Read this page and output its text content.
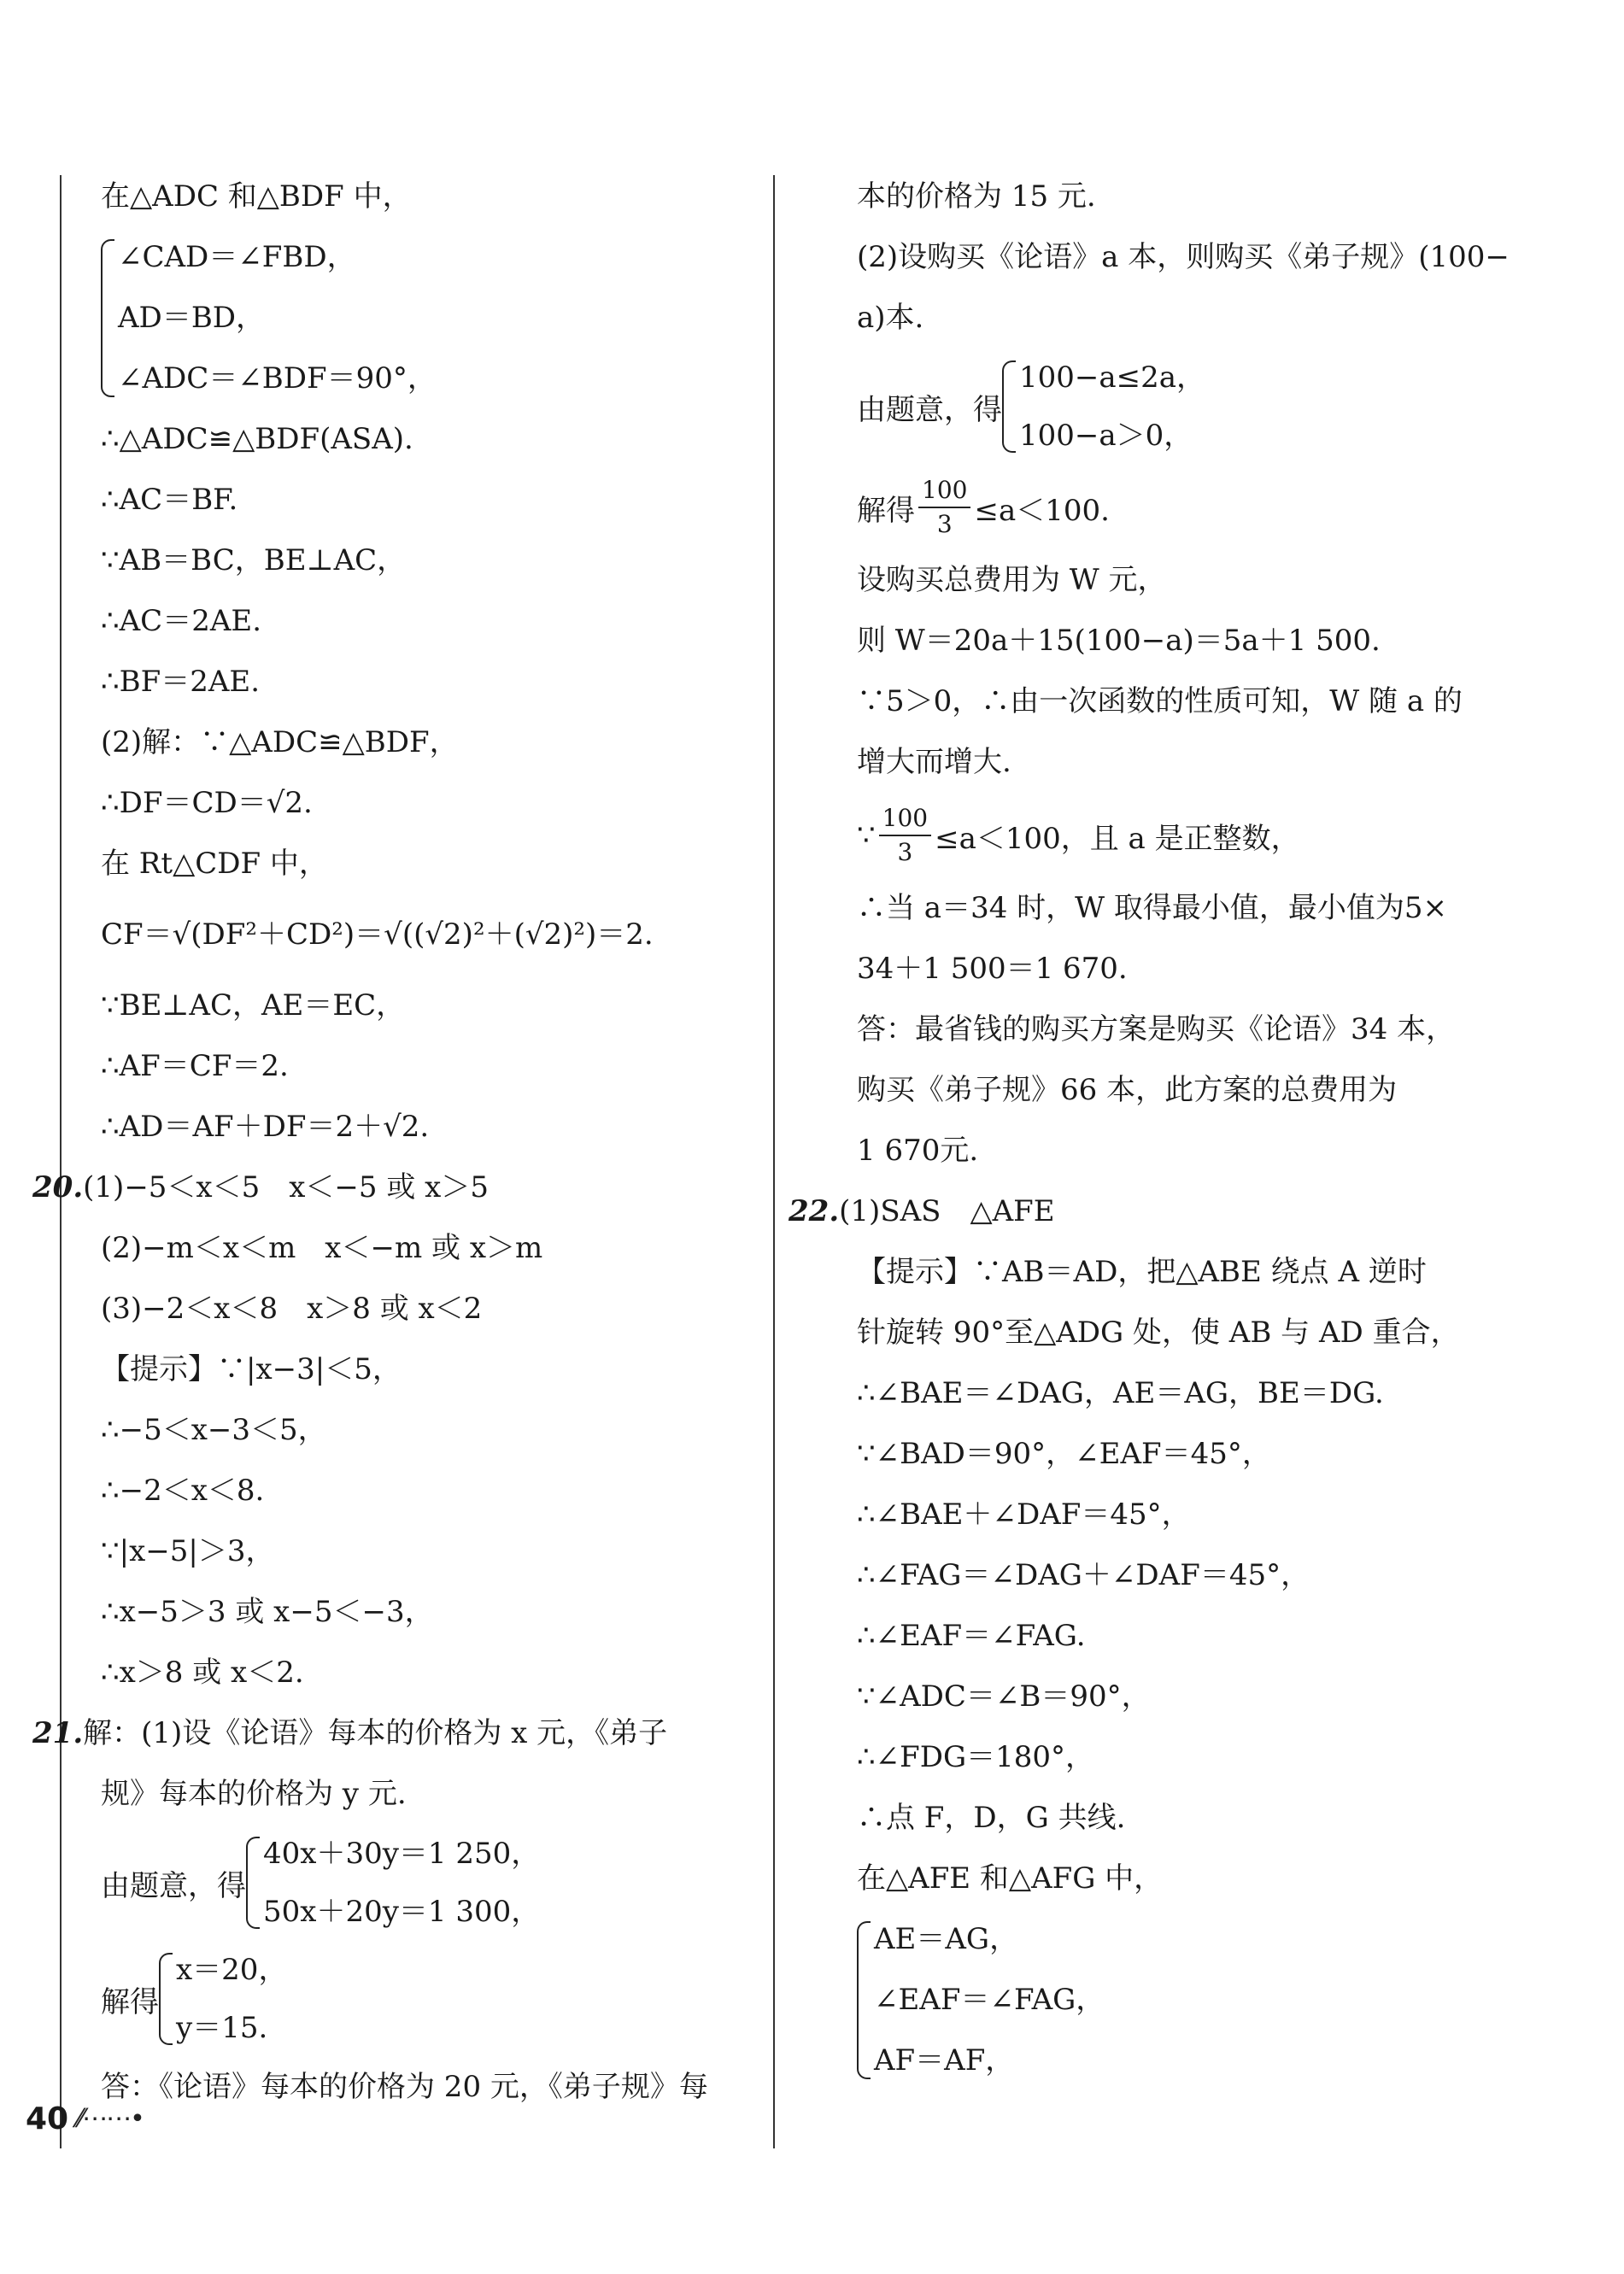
在△ADC 和△BDF 中，
∠CAD＝∠FBD，
AD＝BD，
∠ADC＝∠BDF＝90°，
∴△ADC≌△BDF(ASA).
∴AC＝BF.
∵AB＝BC，BE⊥AC，
∴AC＝2AE.
∴BF＝2AE.
(2)解：∵△ADC≌△BDF，
∴DF＝CD＝√2.
在 Rt△CDF 中，
CF＝√(DF²＋CD²)＝√((√2)²＋(√2)²)＝2.
∵BE⊥AC，AE＝EC，
∴AF＝CF＝2.
∴AD＝AF＋DF＝2＋√2.
20.(1)−5＜x＜5　x＜−5 或 x＞5
(2)−m＜x＜m　x＜−m 或 x＞m
(3)−2＜x＜8　x＞8 或 x＜2
【提示】∵|x−3|＜5，
∴−5＜x−3＜5，
∴−2＜x＜8.
∵|x−5|＞3，
∴x−5＞3 或 x−5＜−3，
∴x＞8 或 x＜2.
21.解：(1)设《论语》每本的价格为 x 元，《弟子
规》每本的价格为 y 元.
由题意，得
40x＋30y＝1 250，
50x＋20y＝1 300，
解得
x＝20，
y＝15.
答：《论语》每本的价格为 20 元，《弟子规》每
本的价格为 15 元.
(2)设购买《论语》a 本，则购买《弟子规》(100−
a)本.
由题意，得
100−a≤2a，
100−a＞0，
解得 $\frac{100}{3} \le a<100$.
设购买总费用为 W 元，
则 W＝20a＋15(100−a)＝5a＋1 500.
∵5＞0，∴由一次函数的性质可知，W 随 a 的
增大而增大.
∵ $\frac{100}{3} \le a<100$，且 a 是正整数，
∴当 a＝34 时，W 取得最小值，最小值为5×
34＋1 500＝1 670.
答：最省钱的购买方案是购买《论语》34 本，
购买《弟子规》66 本，此方案的总费用为
1 670元.
22.(1)SAS　△AFE
【提示】∵AB＝AD，把△ABE 绕点 A 逆时
针旋转 90°至△ADG 处，使 AB 与 AD 重合，
∴∠BAE＝∠DAG，AE＝AG，BE＝DG.
∵∠BAD＝90°，∠EAF＝45°，
∴∠BAE＋∠DAF＝45°，
∴∠FAG＝∠DAG＋∠DAF＝45°，
∴∠EAF＝∠FAG.
∵∠ADC＝∠B＝90°，
∴∠FDG＝180°，
∴点 F，D，G 共线.
在△AFE 和△AFG 中，
AE＝AG，
∠EAF＝∠FAG，
AF＝AF，
40 ⁄⁄⋯⋯•
